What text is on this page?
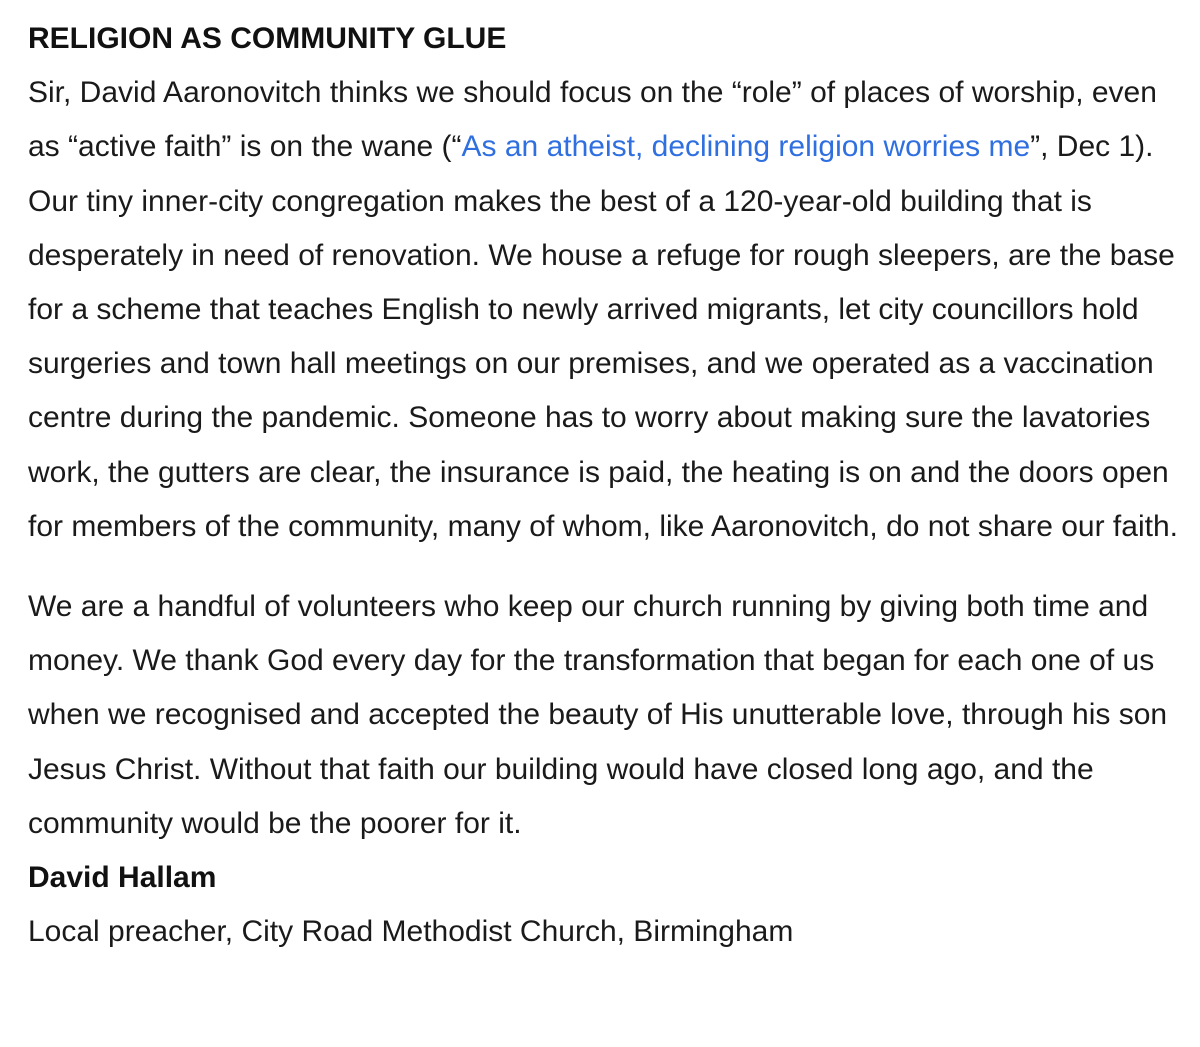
RELIGION AS COMMUNITY GLUE

Sir, David Aaronovitch thinks we should focus on the “role” of places of worship, even as “active faith” is on the wane (“As an atheist, declining religion worries me”, Dec 1). Our tiny inner-city congregation makes the best of a 120-year-old building that is desperately in need of renovation. We house a refuge for rough sleepers, are the base for a scheme that teaches English to newly arrived migrants, let city councillors hold surgeries and town hall meetings on our premises, and we operated as a vaccination centre during the pandemic. Someone has to worry about making sure the lavatories work, the gutters are clear, the insurance is paid, the heating is on and the doors open for members of the community, many of whom, like Aaronovitch, do not share our faith.

We are a handful of volunteers who keep our church running by giving both time and money. We thank God every day for the transformation that began for each one of us when we recognised and accepted the beauty of His unutterable love, through his son Jesus Christ. Without that faith our building would have closed long ago, and the community would be the poorer for it.

David Hallam

Local preacher, City Road Methodist Church, Birmingham
